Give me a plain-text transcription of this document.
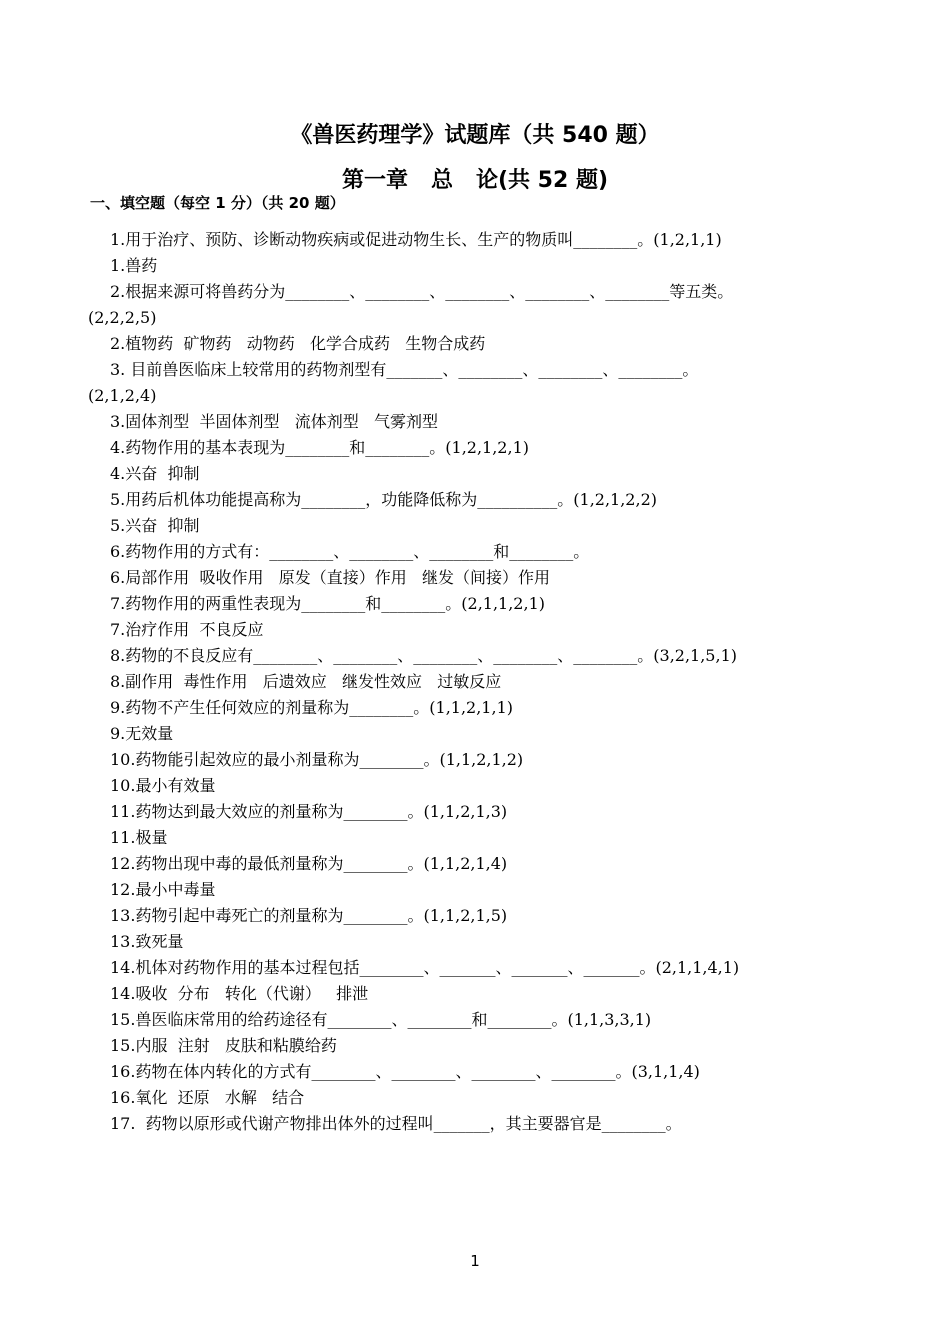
《兽医药理学》试题库（共 540 题）
第一章   总   论(共 52 题)
一、填空题（每空 1 分）（共 20 题）
1.用于治疗、预防、诊断动物疾病或促进动物生长、生产的物质叫________。(1,2,1,1)
1.兽药
2.根据来源可将兽药分为________、________、________、________、________等五类。
(2,2,2,5)
2.植物药  矿物药   动物药   化学合成药   生物合成药
3. 目前兽医临床上较常用的药物剂型有_______、________、________、________。
(2,1,2,4)
3.固体剂型  半固体剂型   流体剂型   气雾剂型
4.药物作用的基本表现为________和________。(1,2,1,2,1)
4.兴奋  抑制
5.用药后机体功能提高称为________，功能降低称为__________。(1,2,1,2,2)
5.兴奋  抑制
6.药物作用的方式有：________、________、________和________。
6.局部作用  吸收作用   原发（直接）作用   继发（间接）作用
7.药物作用的两重性表现为________和________。(2,1,1,2,1)
7.治疗作用  不良反应
8.药物的不良反应有________、________、________、________、________。(3,2,1,5,1)
8.副作用  毒性作用   后遗效应   继发性效应   过敏反应
9.药物不产生任何效应的剂量称为________。(1,1,2,1,1)
9.无效量
10.药物能引起效应的最小剂量称为________。(1,1,2,1,2)
10.最小有效量
11.药物达到最大效应的剂量称为________。(1,1,2,1,3)
11.极量
12.药物出现中毒的最低剂量称为________。(1,1,2,1,4)
12.最小中毒量
13.药物引起中毒死亡的剂量称为________。(1,1,2,1,5)
13.致死量
14.机体对药物作用的基本过程包括________、_______、_______、_______。(2,1,1,4,1)
14.吸收  分布   转化（代谢）   排泄
15.兽医临床常用的给药途径有________、________和________。(1,1,3,3,1)
15.内服  注射   皮肤和粘膜给药
16.药物在体内转化的方式有________、________、________、________。(3,1,1,4)
16.氧化  还原   水解   结合
17.  药物以原形或代谢产物排出体外的过程叫_______，其主要器官是________。
1
